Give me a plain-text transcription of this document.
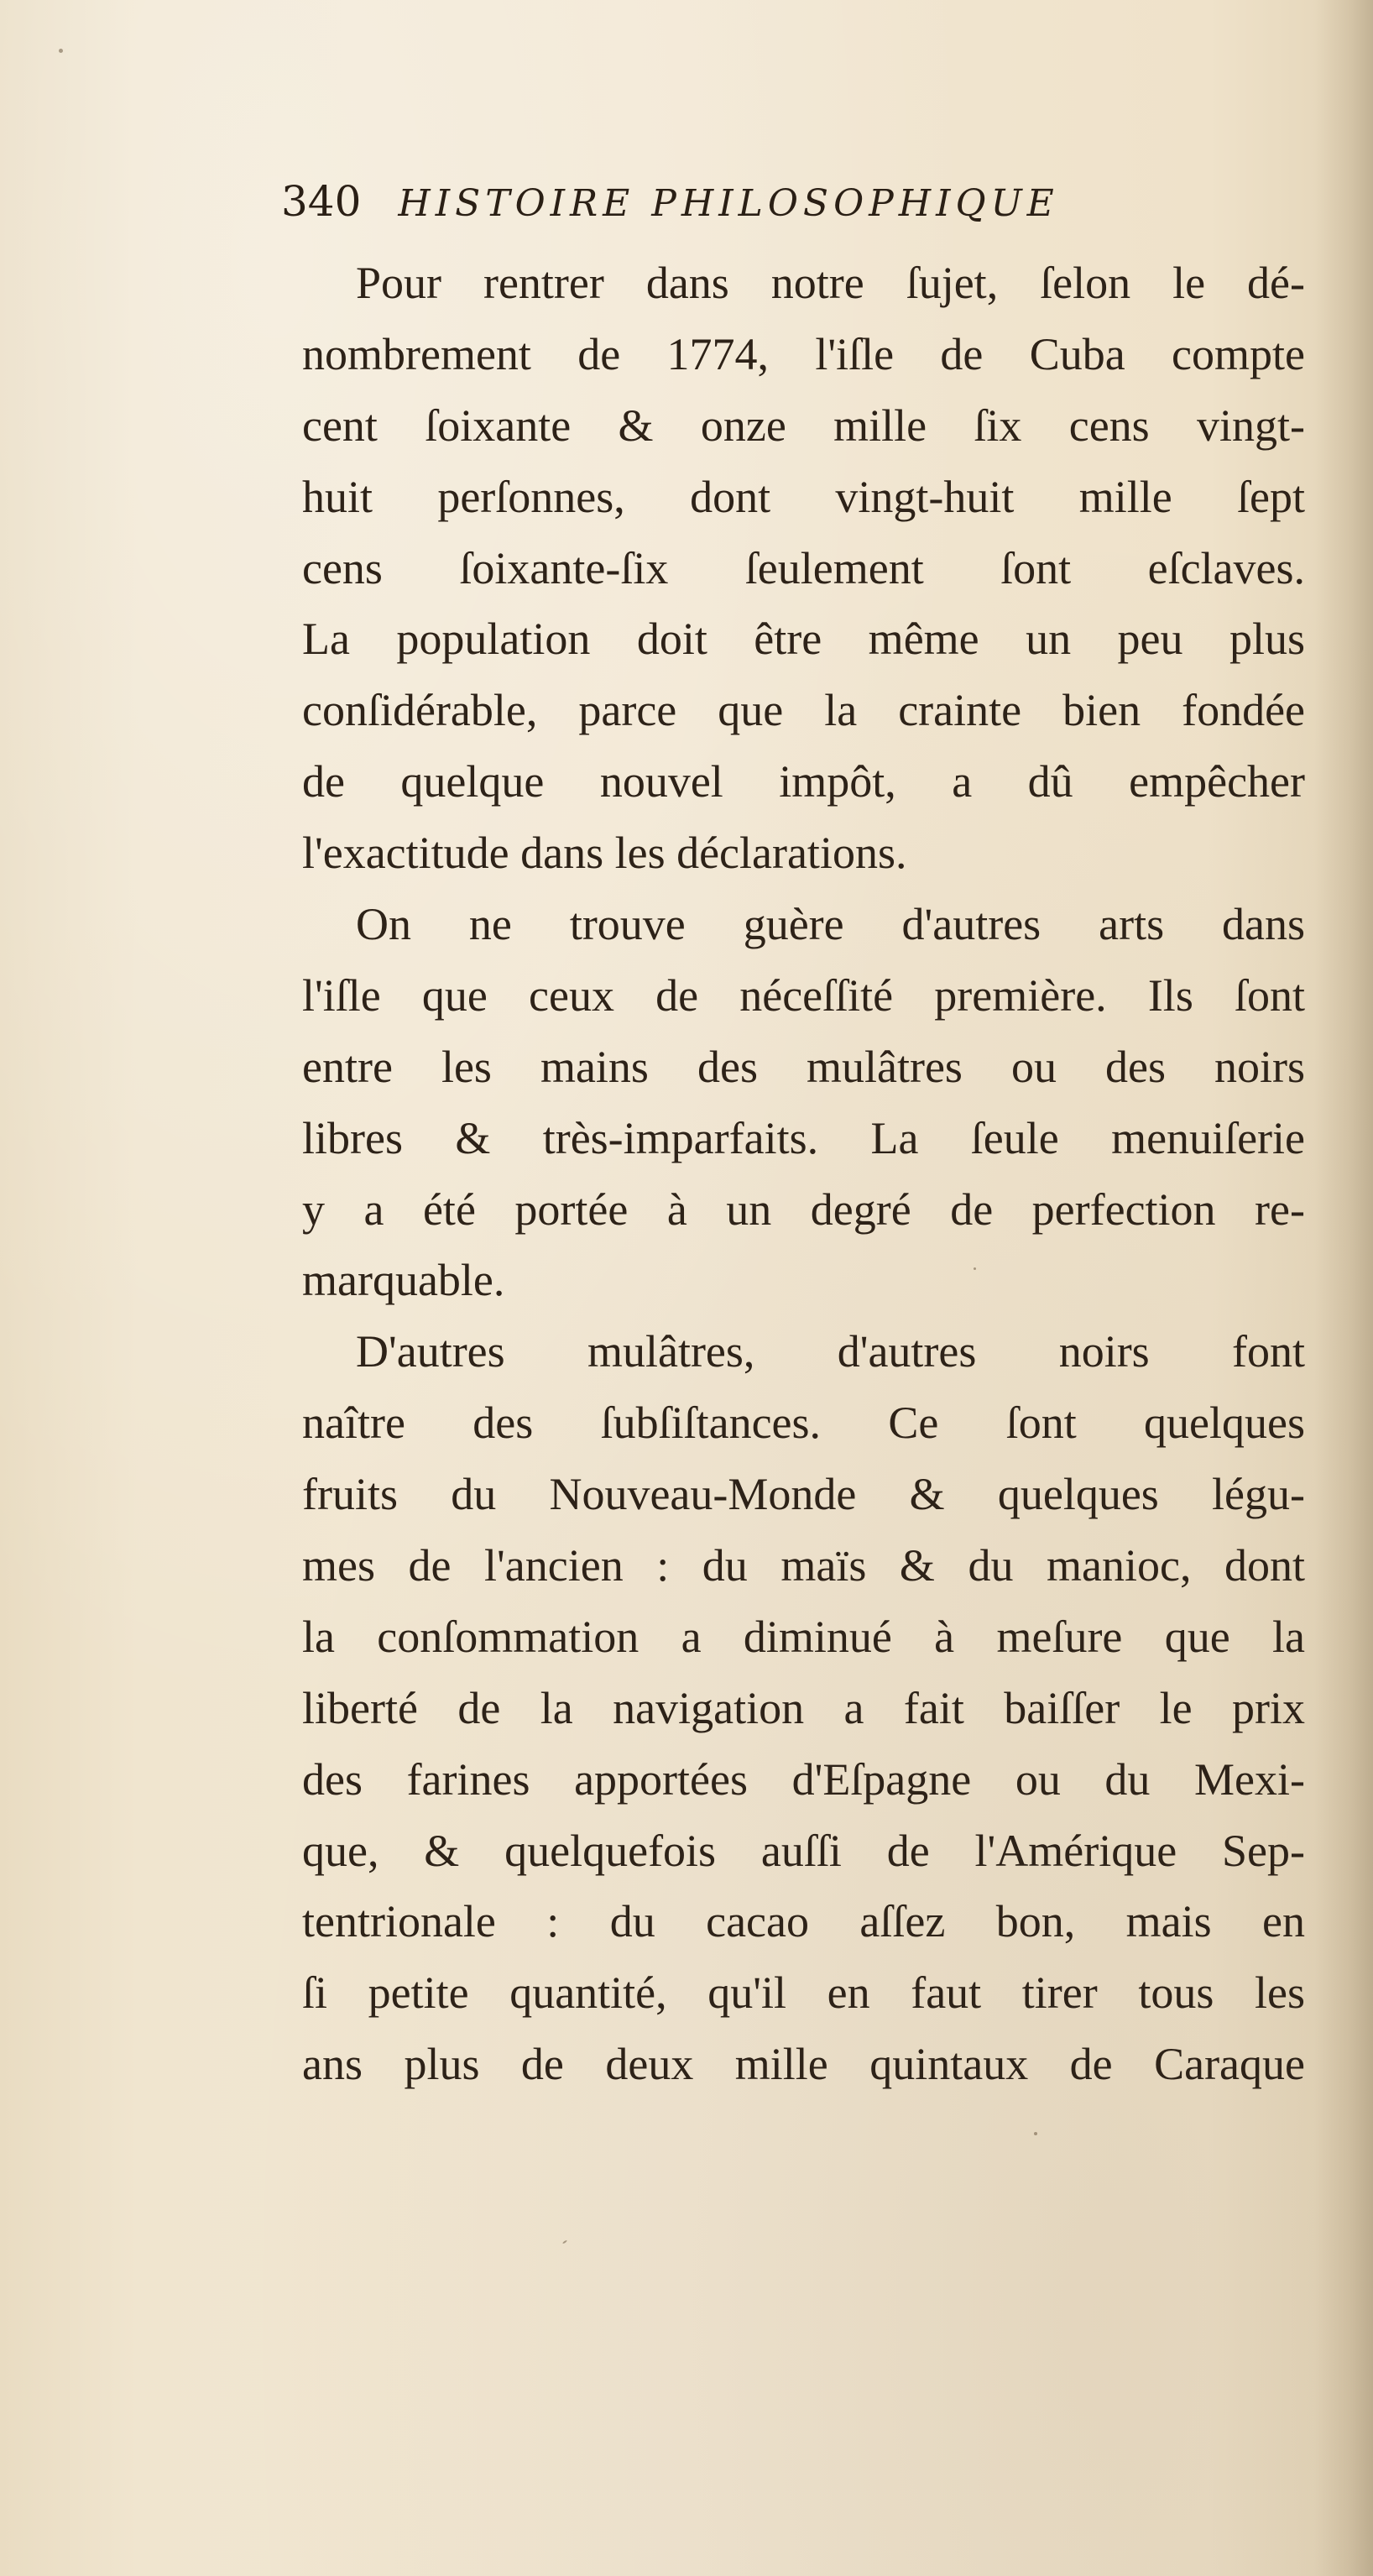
340 HISTOIRE PHILOSOPHIQUE
Pour rentrer dans notre ſujet, ſelon le dé-
nombrement de 1774, l'iſle de Cuba compte
cent ſoixante & onze mille ſix cens vingt-
huit perſonnes, dont vingt-huit mille ſept
cens ſoixante-ſix ſeulement ſont eſclaves.
La population doit être même un peu plus
conſidérable, parce que la crainte bien fondée
de quelque nouvel impôt, a dû empêcher
l'exactitude dans les déclarations.
On ne trouve guère d'autres arts dans
l'iſle que ceux de néceſſité première. Ils ſont
entre les mains des mulâtres ou des noirs
libres & très-imparfaits. La ſeule menuiſerie
y a été portée à un degré de perfection re-
marquable.
D'autres mulâtres, d'autres noirs font
naître des ſubſiſtances. Ce ſont quelques
fruits du Nouveau-Monde & quelques légu-
mes de l'ancien : du maïs & du manioc, dont
la conſommation a diminué à meſure que la
liberté de la navigation a fait baiſſer le prix
des farines apportées d'Eſpagne ou du Mexi-
que, & quelquefois auſſi de l'Amérique Sep-
tentrionale : du cacao aſſez bon, mais en
ſi petite quantité, qu'il en faut tirer tous les
ans plus de deux mille quintaux de Caraque
